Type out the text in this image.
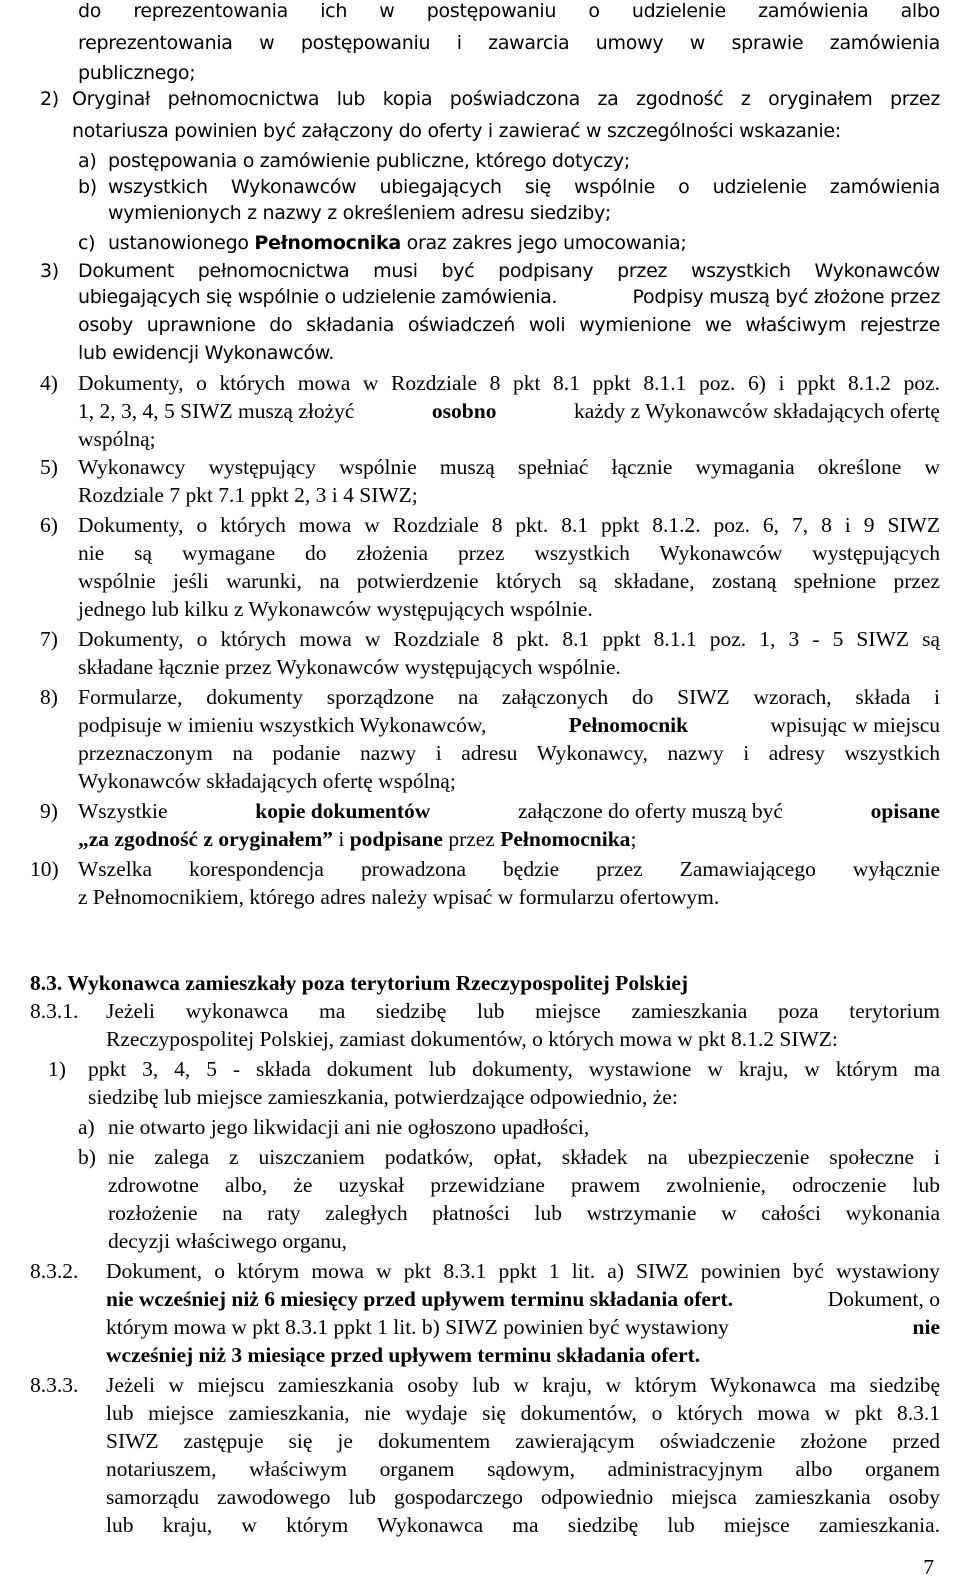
do reprezentowania ich w postępowaniu o udzielenie zamówienia albo
reprezentowania w postępowaniu i zawarcia umowy w sprawie zamówienia
publicznego;
2) Oryginał pełnomocnictwa lub kopia poświadczona za zgodność z oryginałem przez
notariusza powinien być załączony do oferty i zawierać w szczególności wskazanie:
a) postępowania o zamówienie publiczne, którego dotyczy;
b) wszystkich Wykonawców ubiegających się wspólnie o udzielenie zamówienia
wymienionych z nazwy z określeniem adresu siedziby;
c) ustanowionego Pełnomocnika oraz zakres jego umocowania;
3) Dokument pełnomocnictwa musi być podpisany przez wszystkich Wykonawców
ubiegających się wspólnie o udzielenie zamówienia.	Podpisy muszą być złożone przez
osoby uprawnione do składania oświadczeń woli wymienione we właściwym rejestrze
lub ewidencji Wykonawców.
4) Dokumenty, o których mowa w Rozdziale 8 pkt 8.1 ppkt 8.1.1 poz. 6) i ppkt 8.1.2 poz.
1, 2, 3, 4, 5 SIWZ muszą złożyć	osobno	każdy z Wykonawców składających ofertę
wspólną;
5) Wykonawcy występujący wspólnie muszą spełniać łącznie wymagania określone w
Rozdziale 7 pkt 7.1 ppkt 2, 3 i 4 SIWZ;
6) Dokumenty, o których mowa w Rozdziale 8 pkt. 8.1 ppkt 8.1.2. poz. 6, 7, 8 i 9 SIWZ
nie są wymagane do złożenia przez wszystkich Wykonawców występujących
wspólnie jeśli warunki, na potwierdzenie których są składane, zostaną spełnione przez
jednego lub kilku z Wykonawców występujących wspólnie.
7) Dokumenty, o których mowa w Rozdziale 8 pkt. 8.1 ppkt 8.1.1 poz. 1, 3 - 5 SIWZ są
składane łącznie przez Wykonawców występujących wspólnie.
8) Formularze, dokumenty sporządzone na załączonych do SIWZ wzorach, składa i
podpisuje w imieniu wszystkich Wykonawców,	Pełnomocnik	wpisując w miejscu
przeznaczonym na podanie nazwy i adresu Wykonawcy, nazwy i adresy wszystkich
Wykonawców składających ofertę wspólną;
9) Wszystkie	kopie dokumentów	załączone do oferty muszą być	opisane
„za zgodność z oryginałem” i podpisane przez Pełnomocnika;
10) Wszelka korespondencja prowadzona będzie przez Zamawiającego wyłącznie
z Pełnomocnikiem, którego adres należy wpisać w formularzu ofertowym.
8.3. Wykonawca zamieszkały poza terytorium Rzeczypospolitej Polskiej
8.3.1. Jeżeli wykonawca ma siedzibę lub miejsce zamieszkania poza terytorium
Rzeczypospolitej Polskiej, zamiast dokumentów, o których mowa w pkt 8.1.2 SIWZ:
1) ppkt 3, 4, 5 - składa dokument lub dokumenty, wystawione w kraju, w którym ma
siedzibę lub miejsce zamieszkania, potwierdzające odpowiednio, że:
a) nie otwarto jego likwidacji ani nie ogłoszono upadłości,
b) nie zalega z uiszczaniem podatków, opłat, składek na ubezpieczenie społeczne i
zdrowotne albo, że uzyskał przewidziane prawem zwolnienie, odroczenie lub
rozłożenie na raty zaległych płatności lub wstrzymanie w całości wykonania
decyzji właściwego organu,
8.3.2. Dokument, o którym mowa w pkt 8.3.1 ppkt 1 lit. a) SIWZ powinien być wystawiony
nie wcześniej niż 6 miesięcy przed upływem terminu składania ofert.	Dokument, o
którym mowa w pkt 8.3.1 ppkt 1 lit. b) SIWZ powinien być wystawiony	nie
wcześniej niż 3 miesiące przed upływem terminu składania ofert.
8.3.3. Jeżeli w miejscu zamieszkania osoby lub w kraju, w którym Wykonawca ma siedzibę
lub miejsce zamieszkania, nie wydaje się dokumentów, o których mowa w pkt 8.3.1
SIWZ zastępuje się je dokumentem zawierającym oświadczenie złożone przed
notariuszem, właściwym organem sądowym, administracyjnym albo organem
samorządu zawodowego lub gospodarczego odpowiednio miejsca zamieszkania osoby
lub kraju, w którym Wykonawca ma siedzibę lub miejsce zamieszkania.
7
